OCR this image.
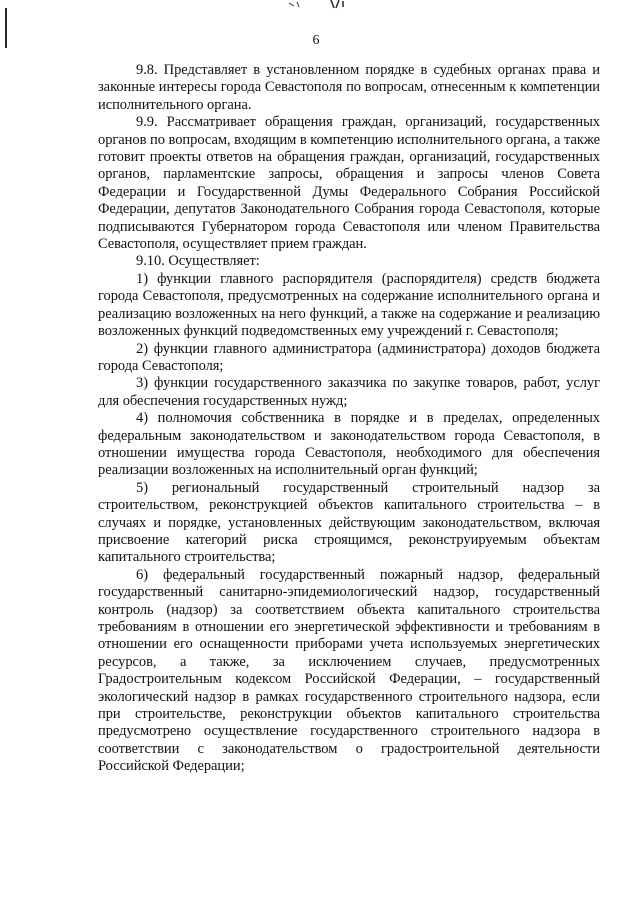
6

9.8. Представляет в установленном порядке в судебных органах права и законные интересы города Севастополя по вопросам, отнесенным к компетенции исполнительного органа.

9.9. Рассматривает обращения граждан, организаций, государственных органов по вопросам, входящим в компетенцию исполнительного органа, а также готовит проекты ответов на обращения граждан, организаций, государственных органов, парламентские запросы, обращения и запросы членов Совета Федерации и Государственной Думы Федерального Собрания Российской Федерации, депутатов Законодательного Собрания города Севастополя, которые подписываются Губернатором города Севастополя или членом Правительства Севастополя, осуществляет прием граждан.

9.10. Осуществляет:

1) функции главного распорядителя (распорядителя) средств бюджета города Севастополя, предусмотренных на содержание исполнительного органа и реализацию возложенных на него функций, а также на содержание и реализацию возложенных функций подведомственных ему учреждений г. Севастополя;

2) функции главного администратора (администратора) доходов бюджета города Севастополя;

3) функции государственного заказчика по закупке товаров, работ, услуг для обеспечения государственных нужд;

4) полномочия собственника в порядке и в пределах, определенных федеральным законодательством и законодательством города Севастополя, в отношении имущества города Севастополя, необходимого для обеспечения реализации возложенных на исполнительный орган функций;

5) региональный государственный строительный надзор за строительством, реконструкцией объектов капитального строительства – в случаях и порядке, установленных действующим законодательством, включая присвоение категорий риска строящимся, реконструируемым объектам капитального строительства;

6) федеральный государственный пожарный надзор, федеральный государственный санитарно-эпидемиологический надзор, государственный контроль (надзор) за соответствием объекта капитального строительства требованиям в отношении его энергетической эффективности и требованиям в отношении его оснащенности приборами учета используемых энергетических ресурсов, а также, за исключением случаев, предусмотренных Градостроительным кодексом Российской Федерации, – государственный экологический надзор в рамках государственного строительного надзора, если при строительстве, реконструкции объектов капитального строительства предусмотрено осуществление государственного строительного надзора в соответствии с законодательством о градостроительной деятельности Российской Федерации;
